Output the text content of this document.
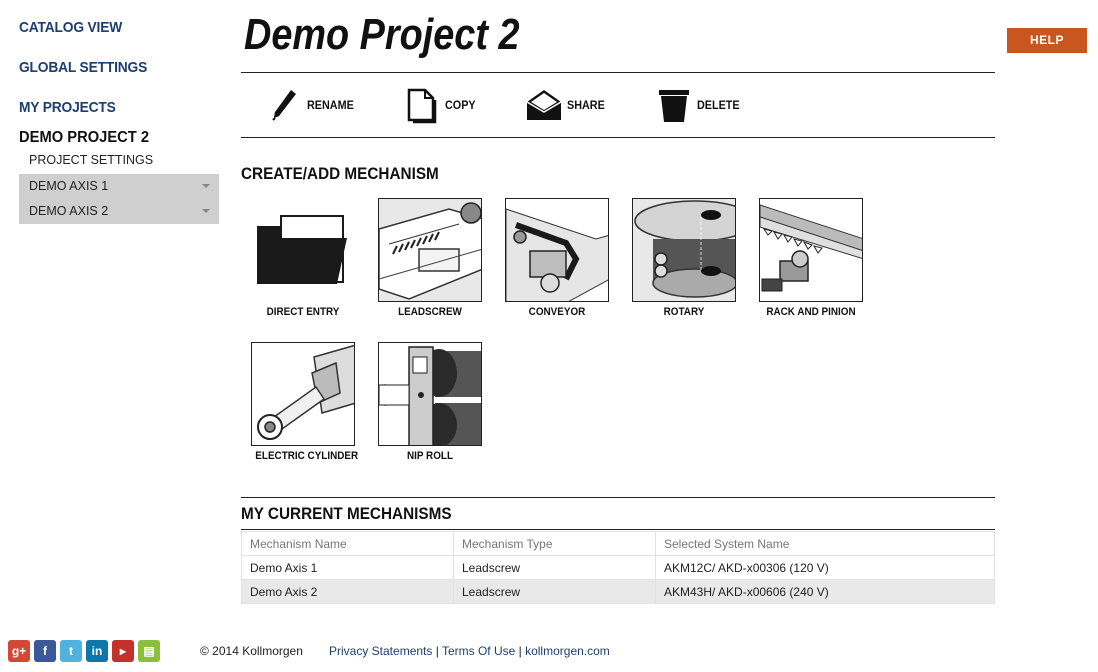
CATALOG VIEW
GLOBAL SETTINGS
MY PROJECTS
DEMO PROJECT 2
PROJECT SETTINGS
DEMO AXIS 1
DEMO AXIS 2
HELP
Demo Project 2
RENAME	COPY	SHARE	DELETE
CREATE/ADD MECHANISM
DIRECT ENTRY	LEADSCREW	CONVEYOR	ROTARY	RACK AND PINION
ELECTRIC CYLINDER	NIP ROLL
MY CURRENT MECHANISMS
Mechanism Name	Mechanism Type	Selected System Name
Demo Axis 1	Leadscrew	AKM12C/ AKD-x00306 (120 V)
Demo Axis 2	Leadscrew	AKM43H/ AKD-x00606 (240 V)
g+	f	t	in	▶	▤	© 2014 Kollmorgen Privacy Statements | Terms Of Use | kollmorgen.com
